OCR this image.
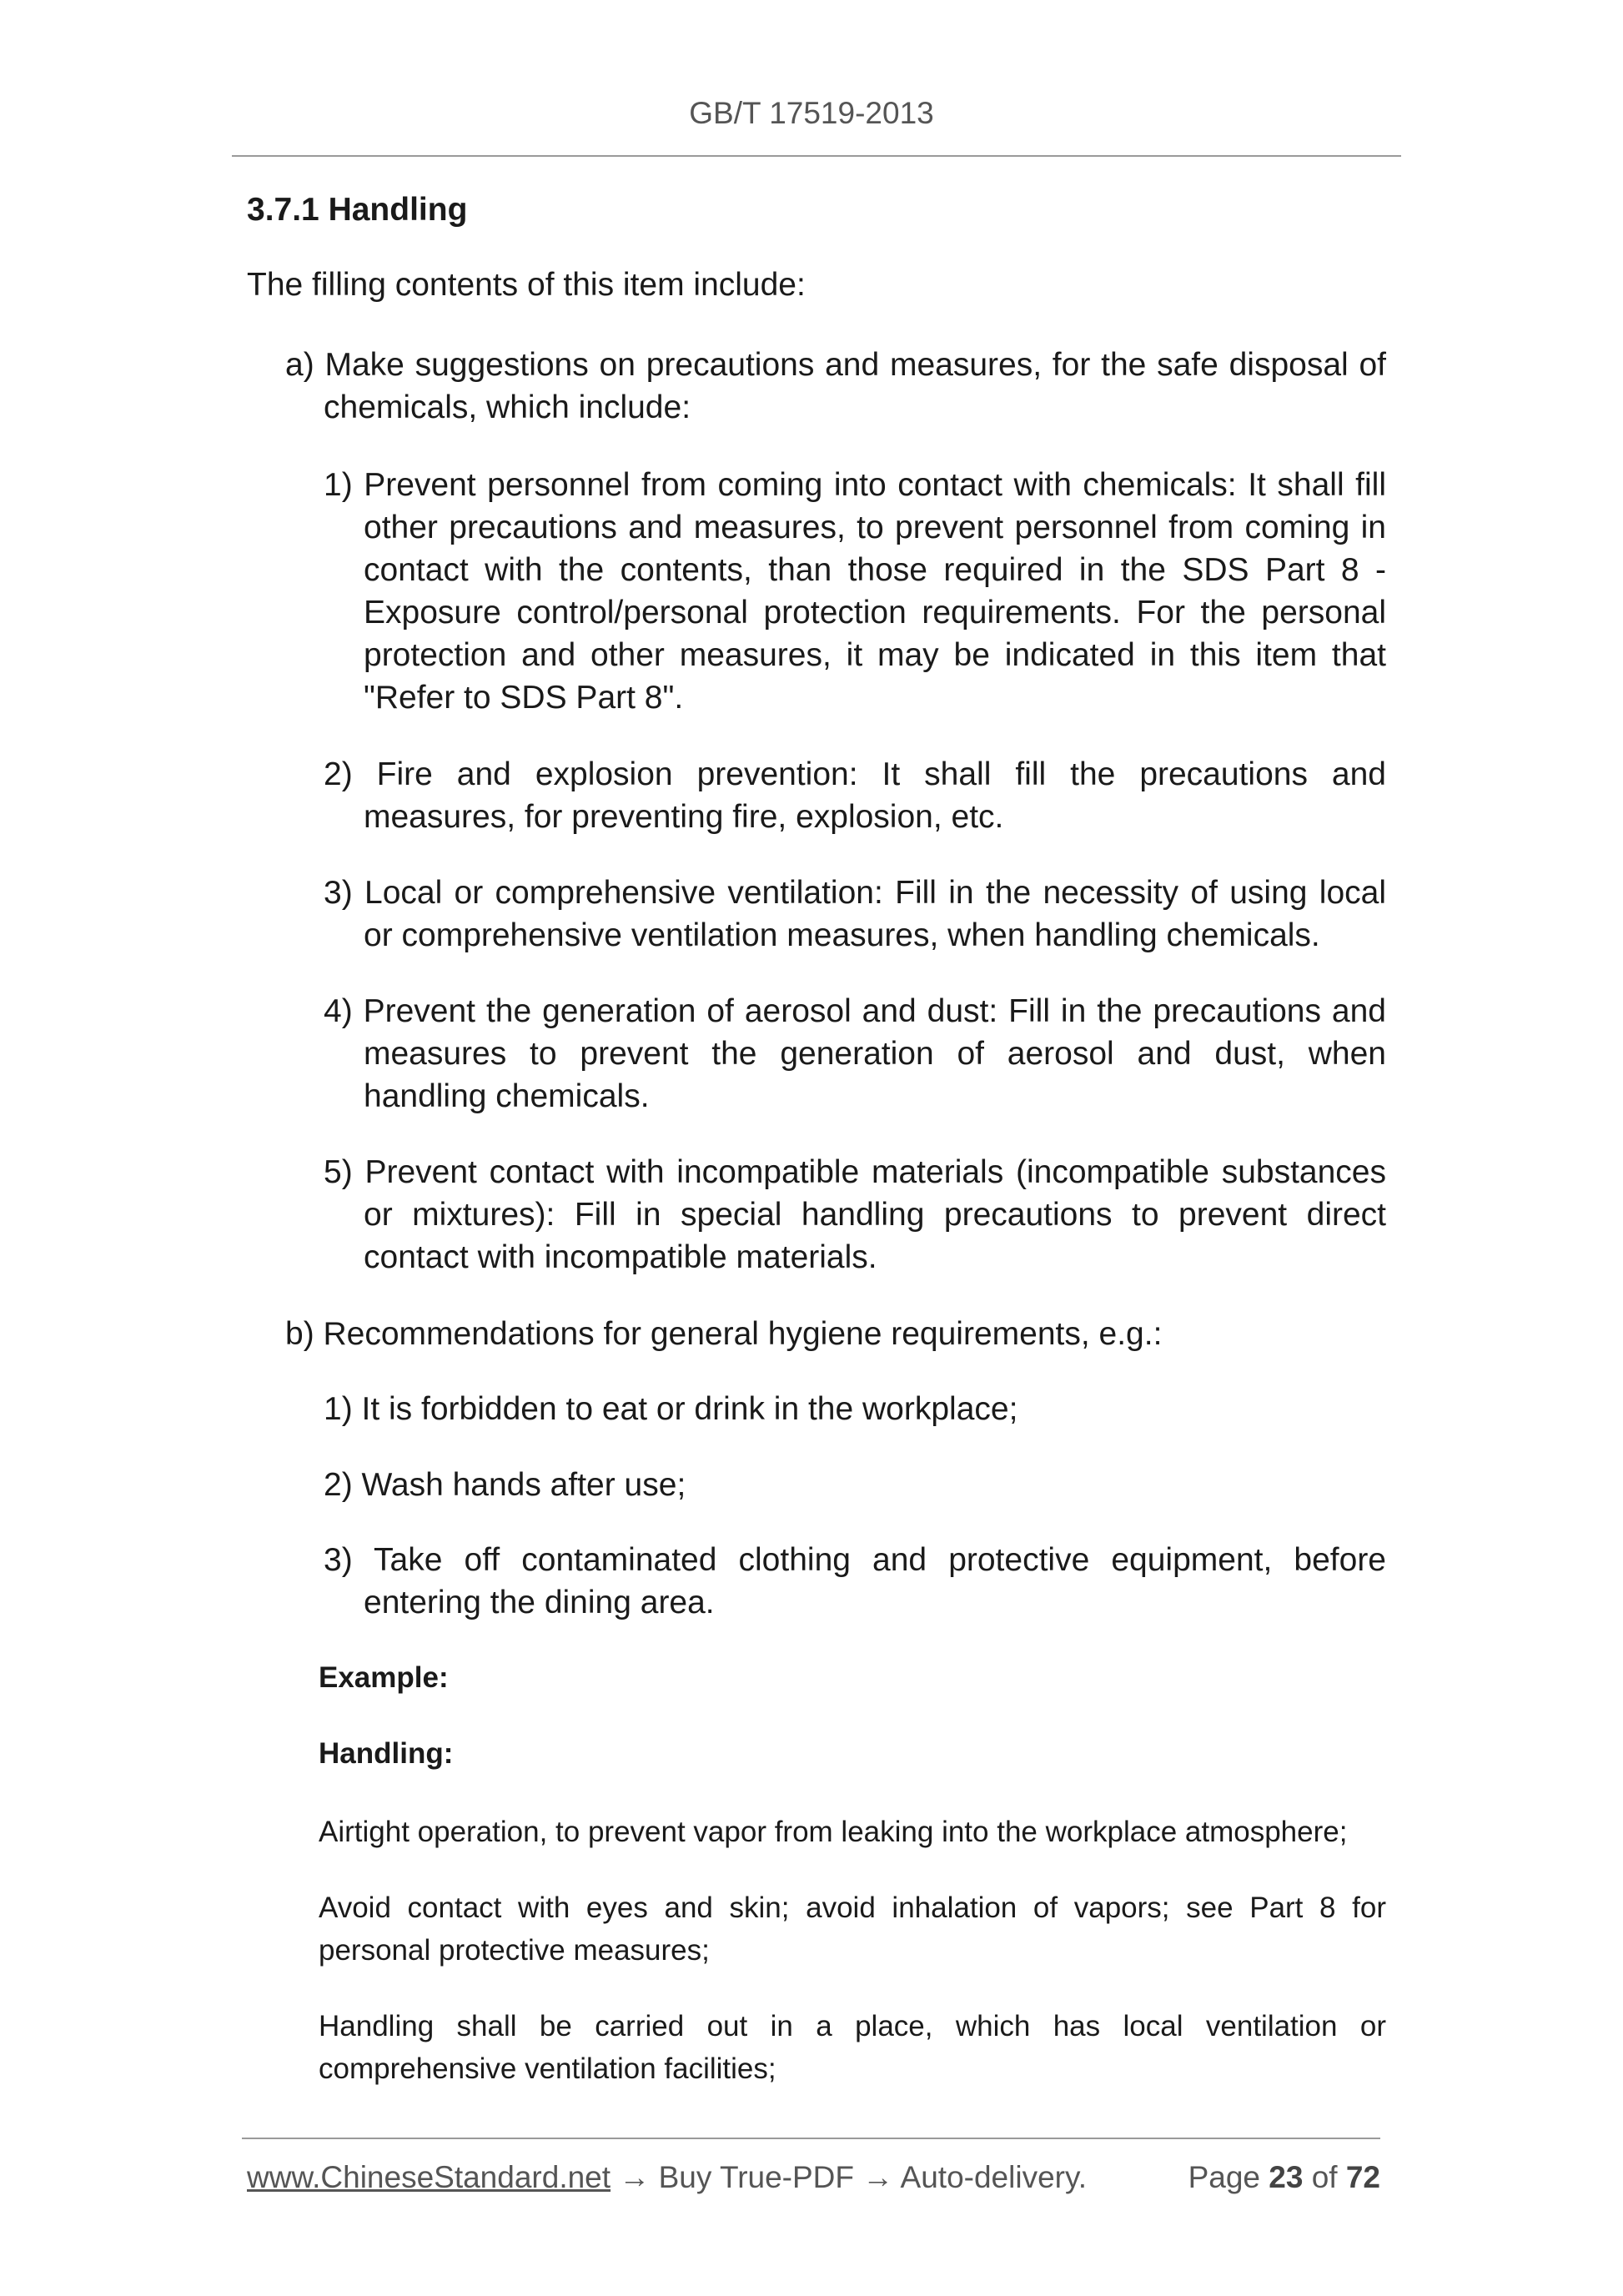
GB/T 17519-2013
3.7.1 Handling
The filling contents of this item include:
a) Make suggestions on precautions and measures, for the safe disposal of chemicals, which include:
1) Prevent personnel from coming into contact with chemicals: It shall fill other precautions and measures, to prevent personnel from coming in contact with the contents, than those required in the SDS Part 8 - Exposure control/personal protection requirements. For the personal protection and other measures, it may be indicated in this item that "Refer to SDS Part 8".
2) Fire and explosion prevention: It shall fill the precautions and measures, for preventing fire, explosion, etc.
3) Local or comprehensive ventilation: Fill in the necessity of using local or comprehensive ventilation measures, when handling chemicals.
4) Prevent the generation of aerosol and dust: Fill in the precautions and measures to prevent the generation of aerosol and dust, when handling chemicals.
5) Prevent contact with incompatible materials (incompatible substances or mixtures): Fill in special handling precautions to prevent direct contact with incompatible materials.
b) Recommendations for general hygiene requirements, e.g.:
1) It is forbidden to eat or drink in the workplace;
2) Wash hands after use;
3) Take off contaminated clothing and protective equipment, before entering the dining area.
Example:
Handling:
Airtight operation, to prevent vapor from leaking into the workplace atmosphere;
Avoid contact with eyes and skin; avoid inhalation of vapors; see Part 8 for personal protective measures;
Handling shall be carried out in a place, which has local ventilation or comprehensive ventilation facilities;
www.ChineseStandard.net → Buy True-PDF → Auto-delivery.	Page 23 of 72
